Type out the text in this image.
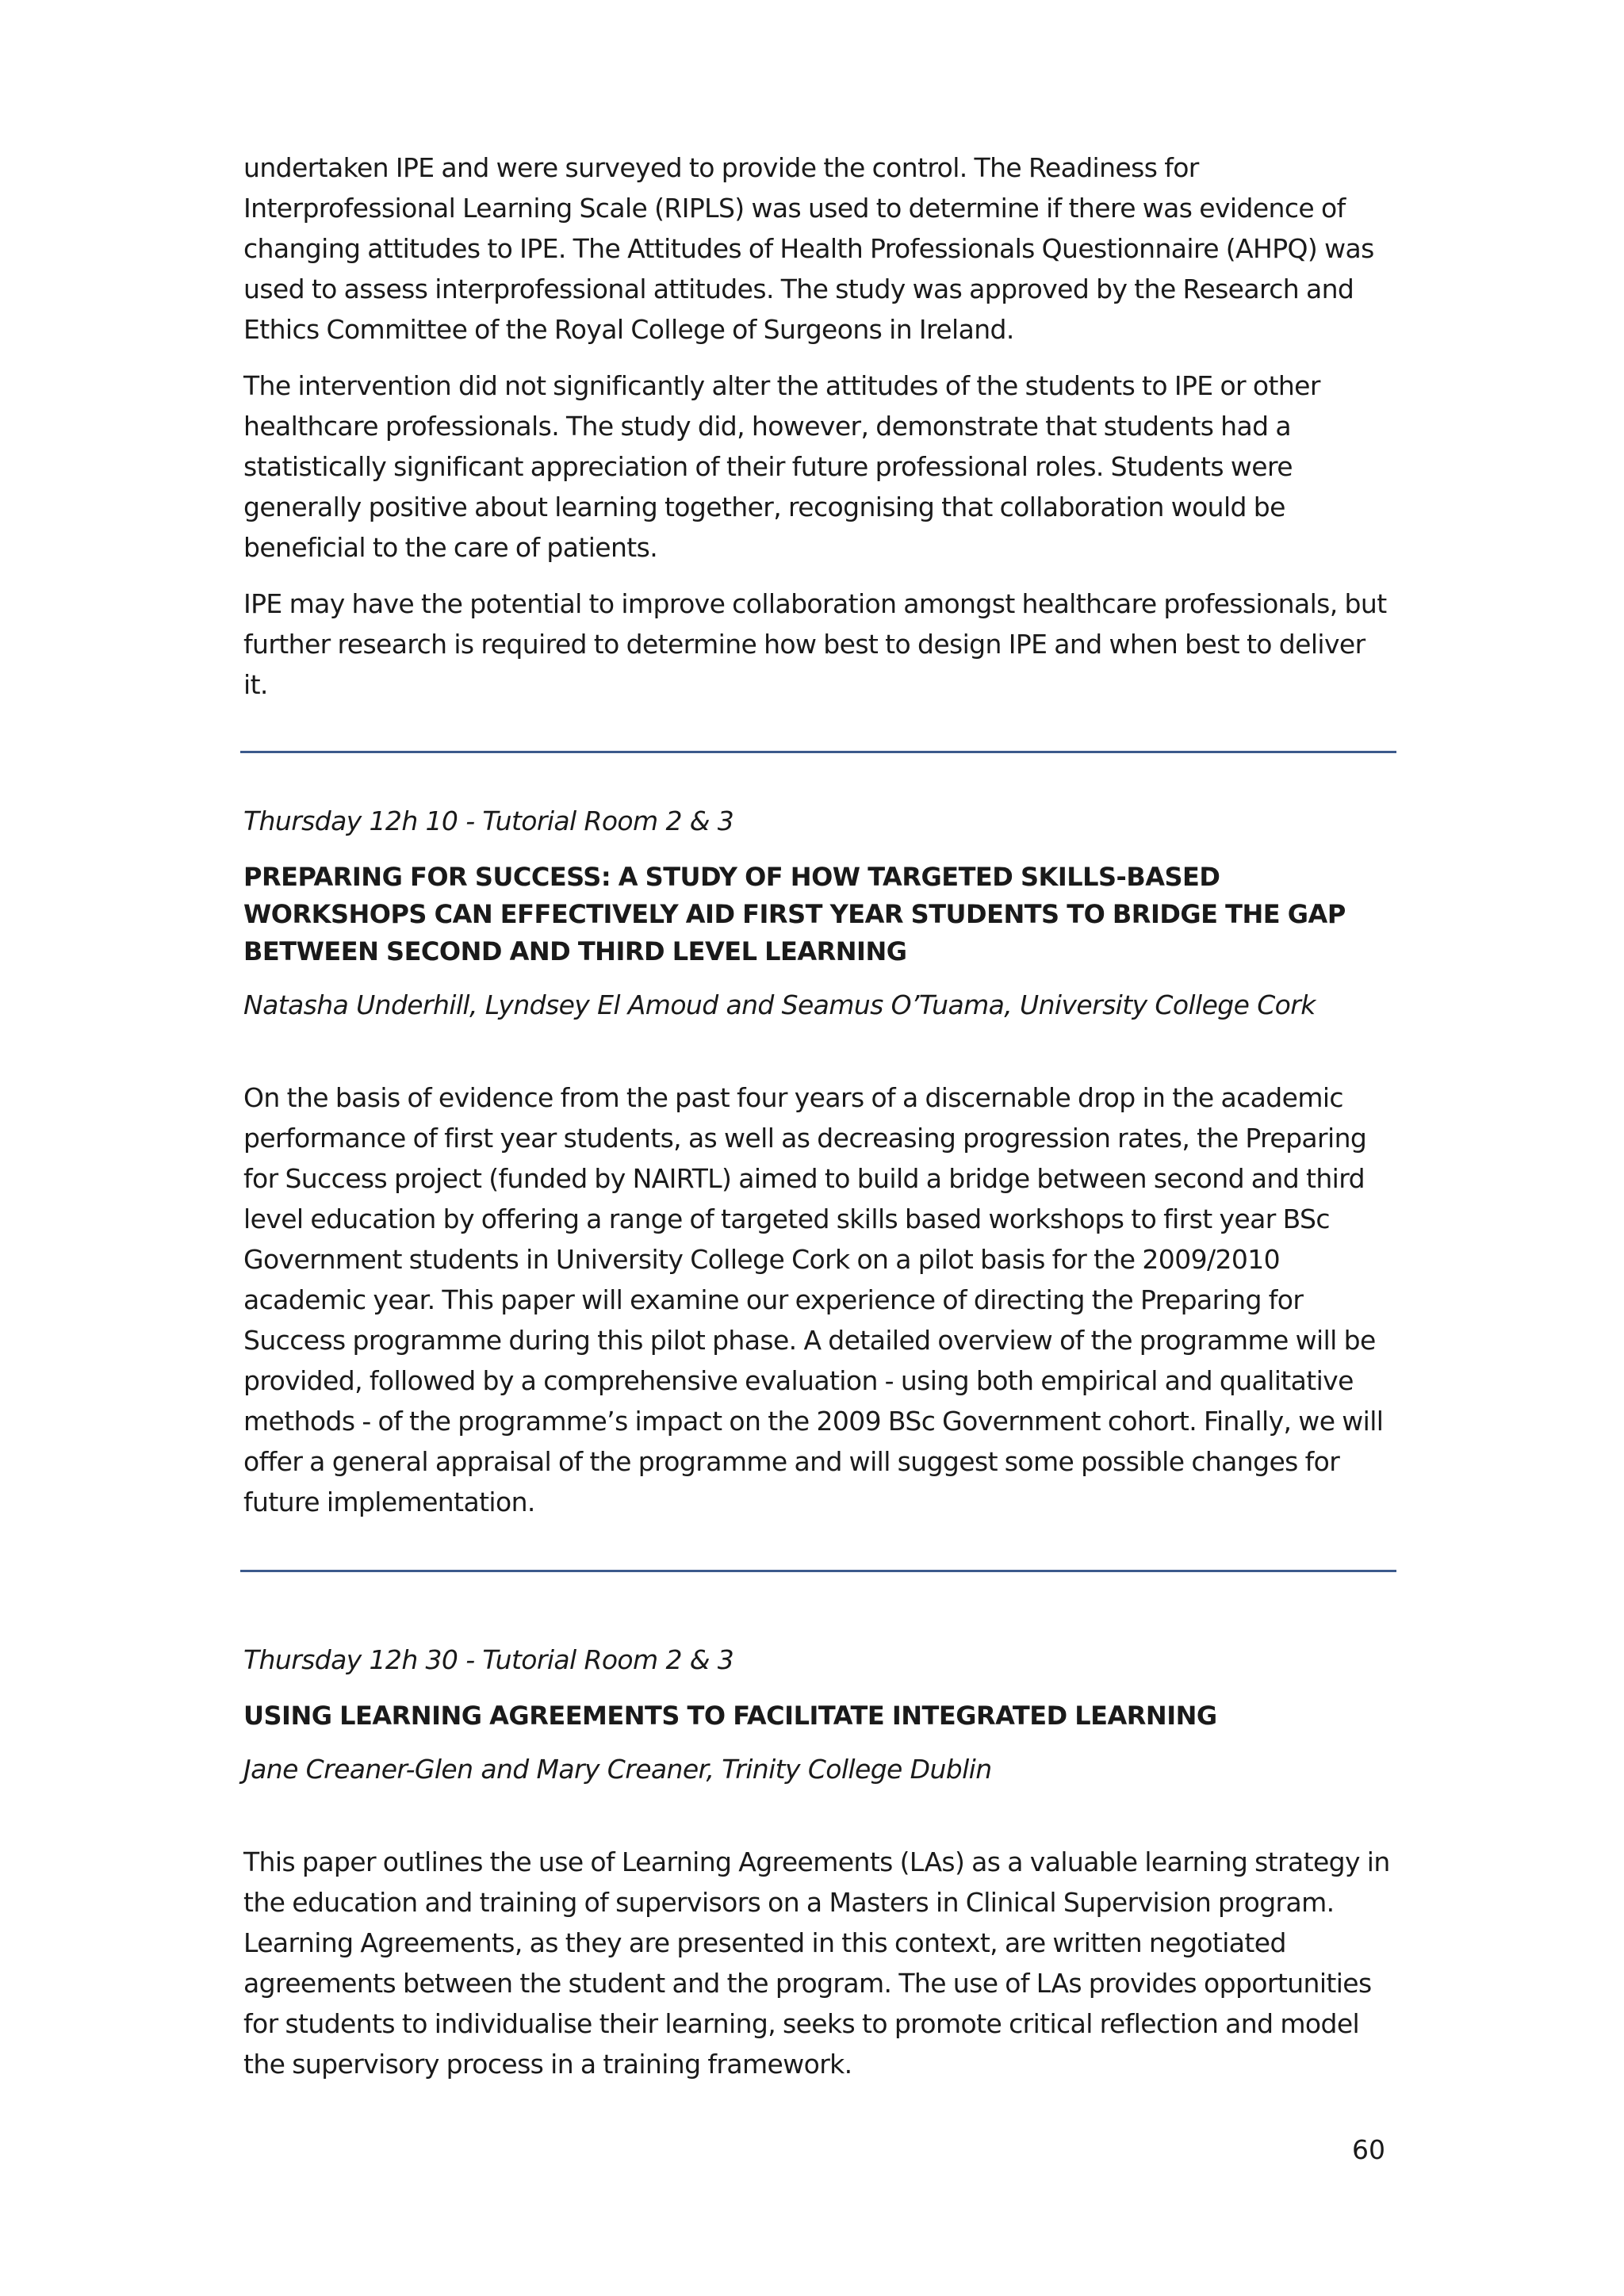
undertaken IPE and were surveyed to provide the control. The Readiness for Interprofessional Learning Scale (RIPLS) was used to determine if there was evidence of changing attitudes to IPE. The Attitudes of Health Professionals Questionnaire (AHPQ) was used to assess interprofessional attitudes. The study was approved by the Research and Ethics Committee of the Royal College of Surgeons in Ireland.

The intervention did not significantly alter the attitudes of the students to IPE or other healthcare professionals. The study did, however, demonstrate that students had a statistically significant appreciation of their future professional roles. Students were generally positive about learning together, recognising that collaboration would be beneficial to the care of patients.

IPE may have the potential to improve collaboration amongst healthcare professionals, but further research is required to determine how best to design IPE and when best to deliver it.

Thursday 12h 10 - Tutorial Room 2 & 3

PREPARING FOR SUCCESS: A STUDY OF HOW TARGETED SKILLS-BASED WORKSHOPS CAN EFFECTIVELY AID FIRST YEAR STUDENTS TO BRIDGE THE GAP BETWEEN SECOND AND THIRD LEVEL LEARNING

Natasha Underhill, Lyndsey El Amoud and Seamus O’Tuama, University College Cork

On the basis of evidence from the past four years of a discernable drop in the academic performance of first year students, as well as decreasing progression rates, the Preparing for Success project (funded by NAIRTL) aimed to build a bridge between second and third level education by offering a range of targeted skills based workshops to first year BSc Government students in University College Cork on a pilot basis for the 2009/2010 academic year. This paper will examine our experience of directing the Preparing for Success programme during this pilot phase. A detailed overview of the programme will be provided, followed by a comprehensive evaluation - using both empirical and qualitative methods - of the programme’s impact on the 2009 BSc Government cohort. Finally, we will offer a general appraisal of the programme and will suggest some possible changes for future implementation.

Thursday 12h 30 - Tutorial Room 2 & 3

USING LEARNING AGREEMENTS TO FACILITATE INTEGRATED LEARNING

Jane Creaner-Glen and Mary Creaner, Trinity College Dublin

This paper outlines the use of Learning Agreements (LAs) as a valuable learning strategy in the education and training of supervisors on a Masters in Clinical Supervision program. Learning Agreements, as they are presented in this context, are written negotiated agreements between the student and the program. The use of LAs provides opportunities for students to individualise their learning, seeks to promote critical reflection and model the supervisory process in a training framework.

60
